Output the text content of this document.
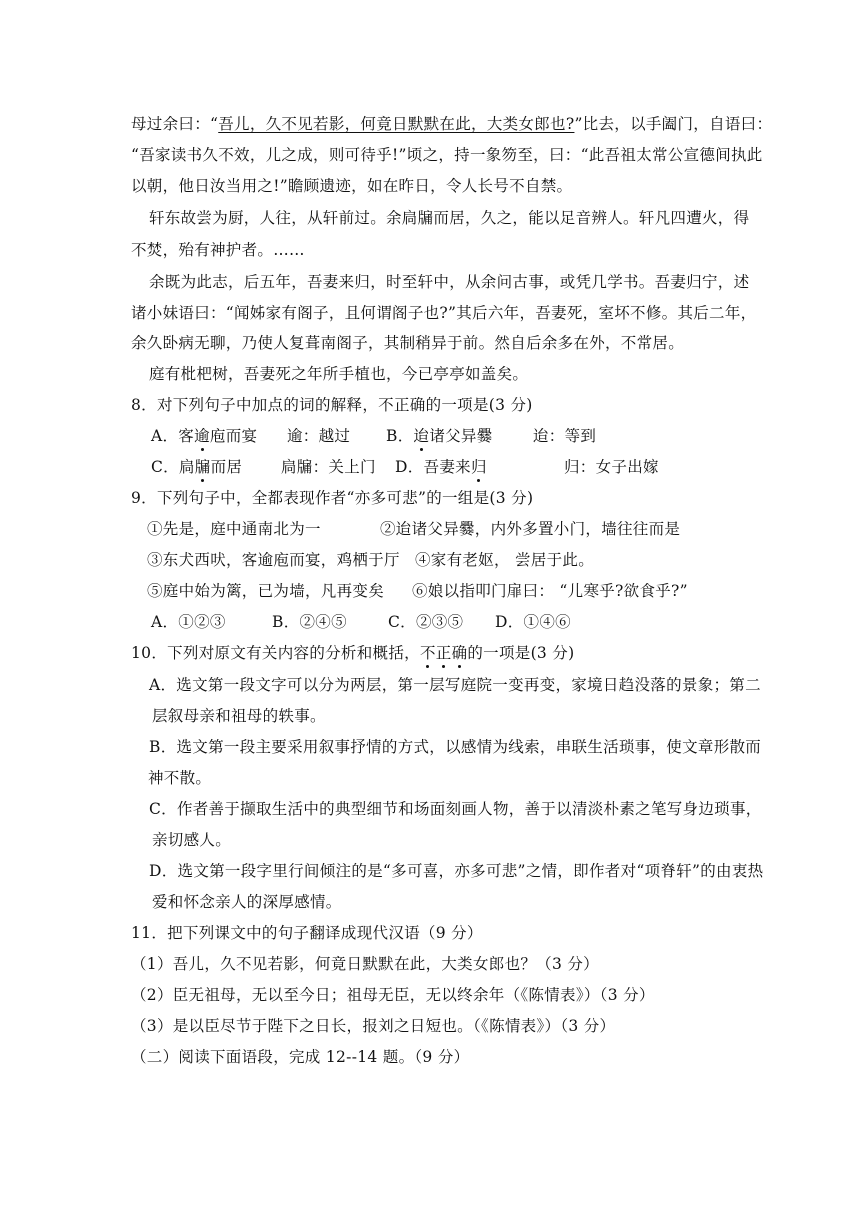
母过余曰：“吾儿，久不见若影，何竟日默默在此，大类女郎也?”比去，以手阖门，自语曰：
“吾家读书久不效，儿之成，则可待乎!”顷之，持一象笏至，曰：“此吾祖太常公宣德间执此
以朝，他日汝当用之!”瞻顾遗迹，如在昨日，令人长号不自禁。
轩东故尝为厨，人往，从轩前过。余扃牖而居，久之，能以足音辨人。轩凡四遭火，得
不焚，殆有神护者。……
余既为此志，后五年，吾妻来归，时至轩中，从余问古事，或凭几学书。吾妻归宁，述
诸小妹语曰：“闻姊家有阁子，且何谓阁子也?”其后六年，吾妻死，室坏不修。其后二年，
余久卧病无聊，乃使人复葺南阁子，其制稍异于前。然自后余多在外，不常居。
庭有枇杷树，吾妻死之年所手植也，今已亭亭如盖矣。
8．对下列句子中加点的词的解释，不正确的一项是(3 分)
A．客逾庖而宴 逾：越过 B．迨诸父异爨	迨：等到
C．扃牖而居	扃牖：关上门 D．吾妻来归	归：女子出嫁
9．下列句子中，全都表现作者“亦多可悲”的一组是(3 分)
①先是，庭中通南北为一	②迨诸父异爨，内外多置小门，墙往往而是
③东犬西吠，客逾庖而宴，鸡栖于厅 ④家有老妪， 尝居于此。
⑤庭中始为篱，已为墙，凡再变矣 ⑥娘以指叩门扉曰： “儿寒乎?欲食乎?”
A．①②③	B．②④⑤	C．②③⑤ D．①④⑥
10．下列对原文有关内容的分析和概括，不正确的一项是(3 分)
A．选文第一段文字可以分为两层，第一层写庭院一变再变，家境日趋没落的景象；第二
层叙母亲和祖母的轶事。
B．选文第一段主要采用叙事抒情的方式，以感情为线索，串联生活琐事，使文章形散而
神不散。
C．作者善于撷取生活中的典型细节和场面刻画人物，善于以清淡朴素之笔写身边琐事，
亲切感人。
D．选文第一段字里行间倾注的是“多可喜，亦多可悲”之情，即作者对“项脊轩”的由衷热
爱和怀念亲人的深厚感情。
11．把下列课文中的句子翻译成现代汉语（9 分）
（1）吾儿，久不见若影，何竟日默默在此，大类女郎也？（3 分）
（2）臣无祖母，无以至今日；祖母无臣，无以终余年（《陈情表》）（3 分）
（3）是以臣尽节于陛下之日长，报刘之日短也。（《陈情表》）（3 分）
（二）阅读下面语段，完成 12--14 题。（9 分）
